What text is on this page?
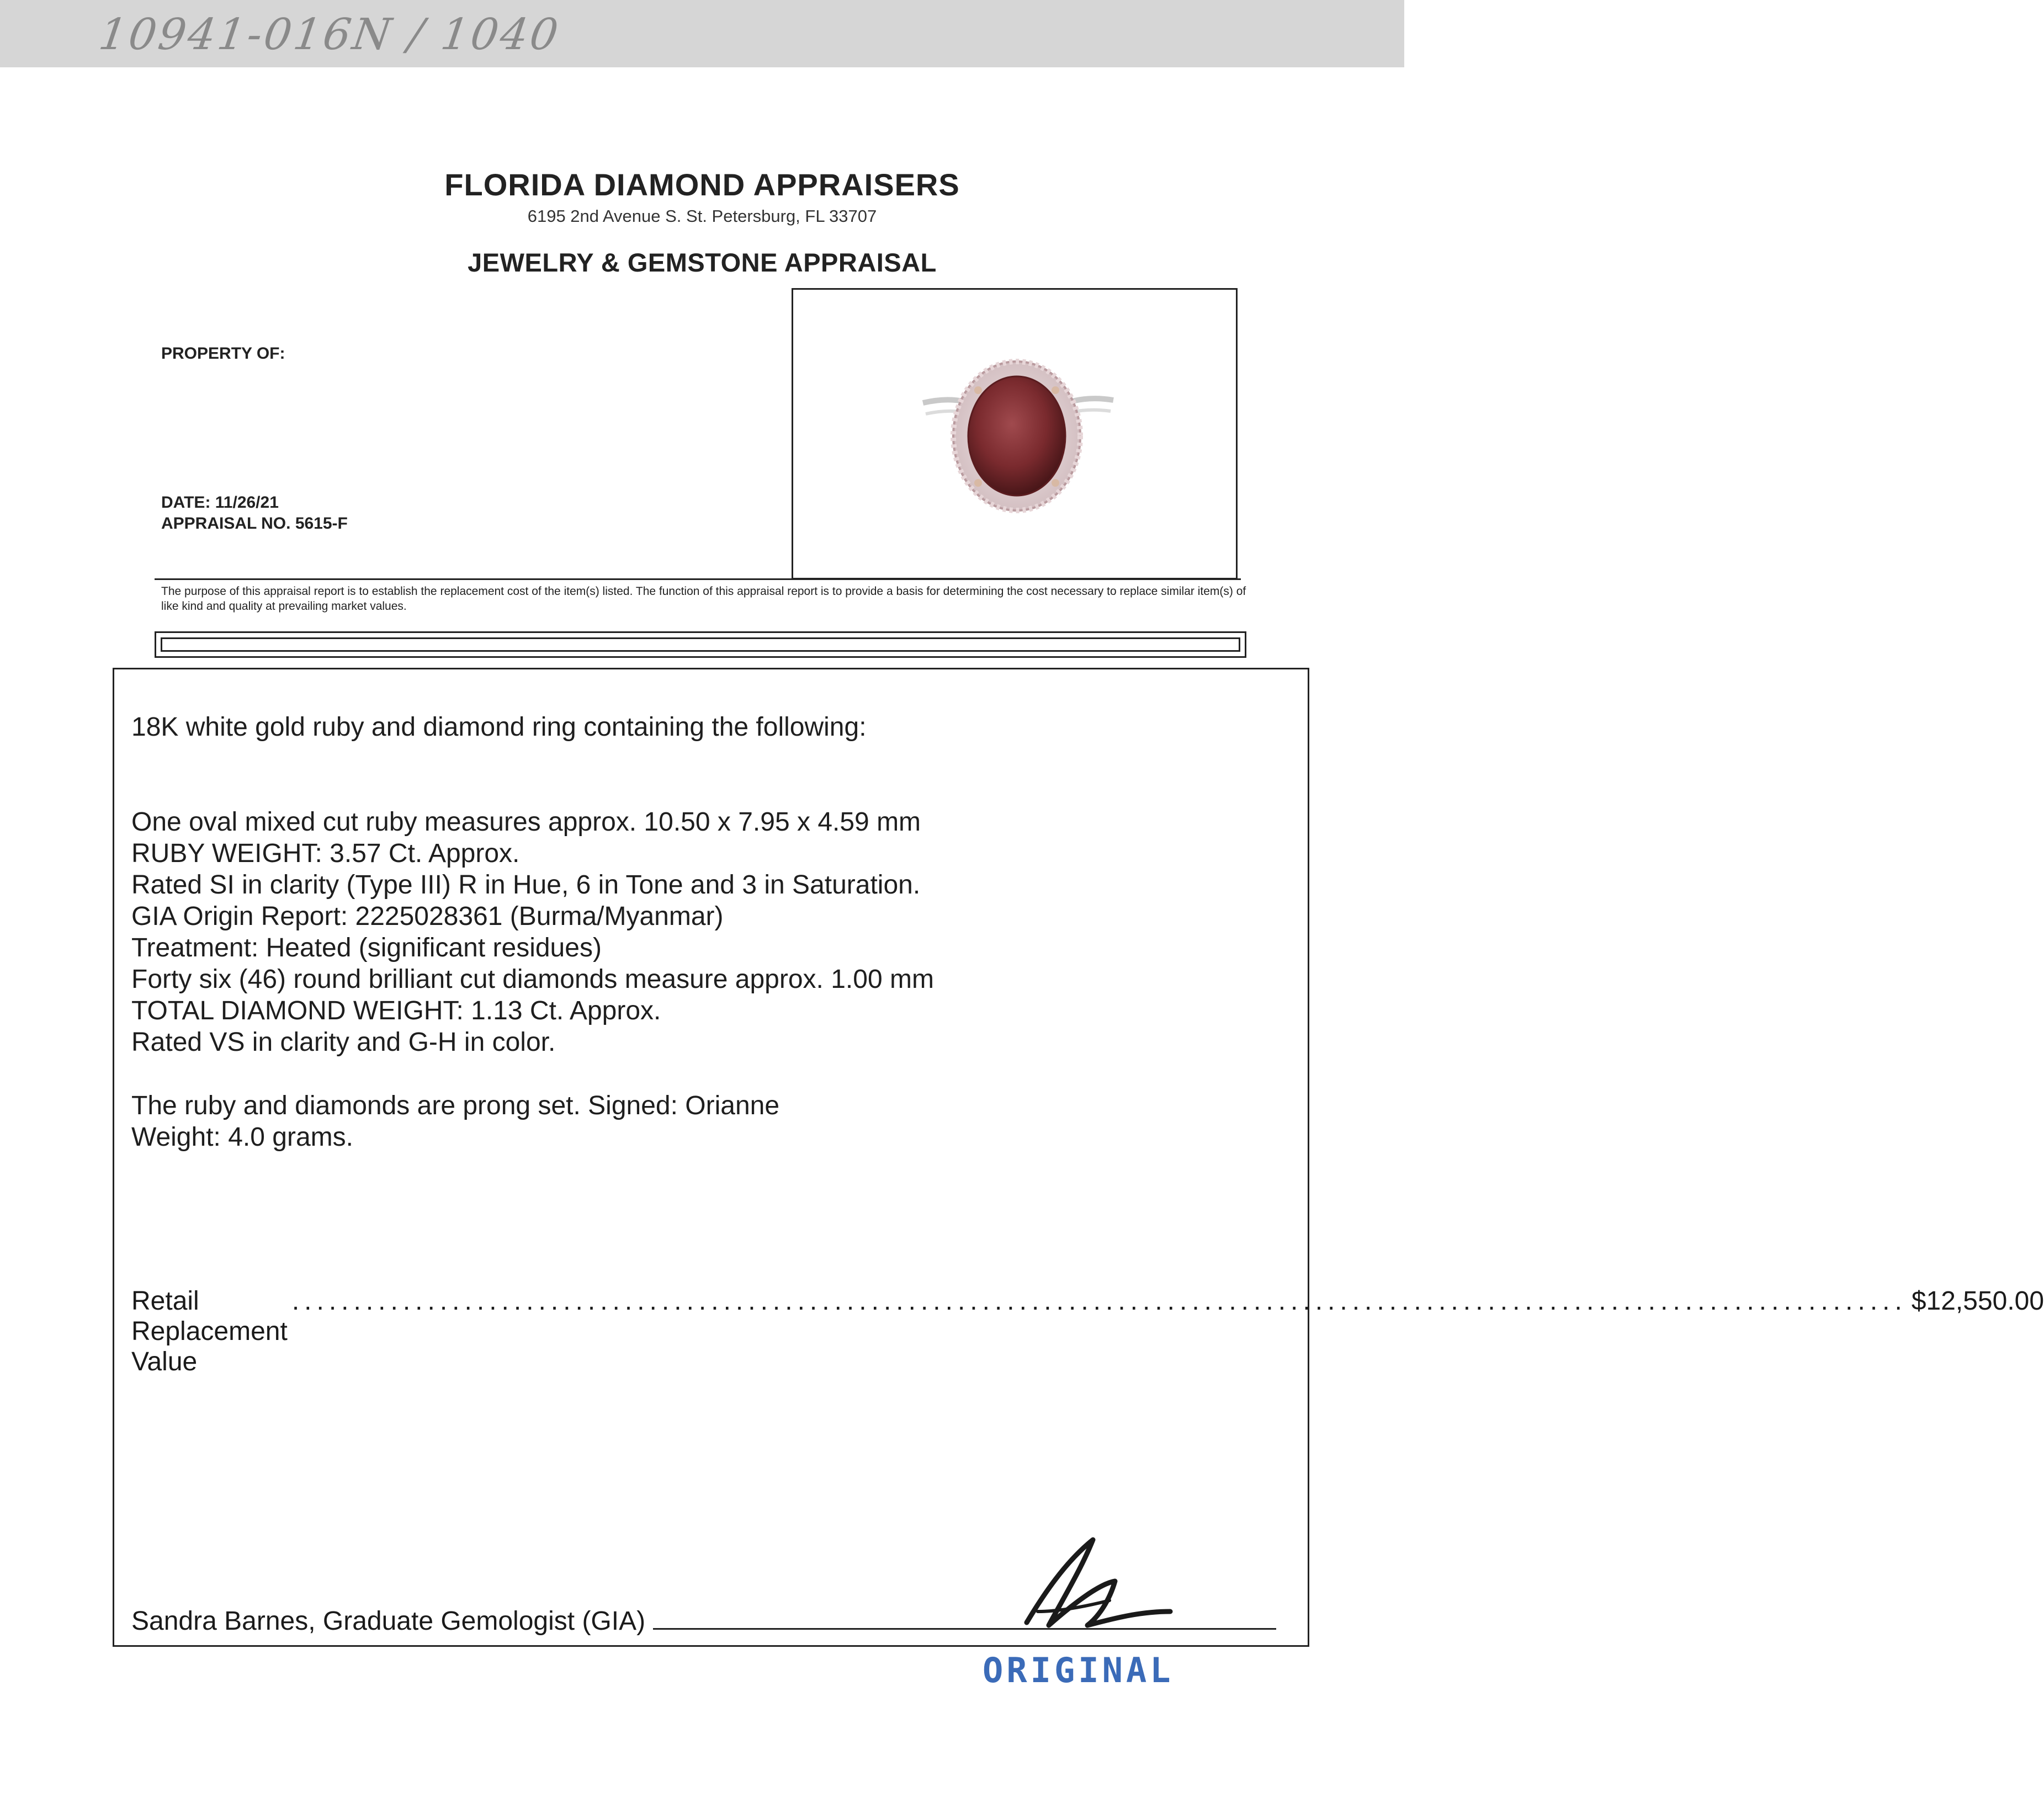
10941-016N / 1040
FLORIDA DIAMOND APPRAISERS
6195 2nd Avenue S. St. Petersburg, FL 33707
JEWELRY & GEMSTONE APPRAISAL
PROPERTY OF:
DATE: 11/26/21
APPRAISAL NO. 5615-F
The purpose of this appraisal report is to establish the replacement cost of the item(s) listed. The function of this appraisal report is to provide a basis for determining the cost necessary to replace similar item(s) of like kind and quality at prevailing market values.
18K white gold ruby and diamond ring containing the following:
One oval mixed cut ruby measures approx. 10.50 x 7.95 x 4.59 mm
RUBY WEIGHT: 3.57 Ct. Approx.
Rated SI in clarity (Type III) R in Hue, 6 in Tone and 3 in Saturation.
GIA Origin Report: 2225028361 (Burma/Myanmar)
Treatment: Heated (significant residues)
Forty six (46) round brilliant cut diamonds measure approx. 1.00 mm
TOTAL DIAMOND WEIGHT: 1.13 Ct. Approx.
Rated VS in clarity and G-H in color.
The ruby and diamonds are prong set. Signed: Orianne
Weight: 4.0 grams.
Retail Replacement Value
................................................................................................................................... $12,550.00
Sandra Barnes, Graduate Gemologist (GIA)
ORIGINAL
